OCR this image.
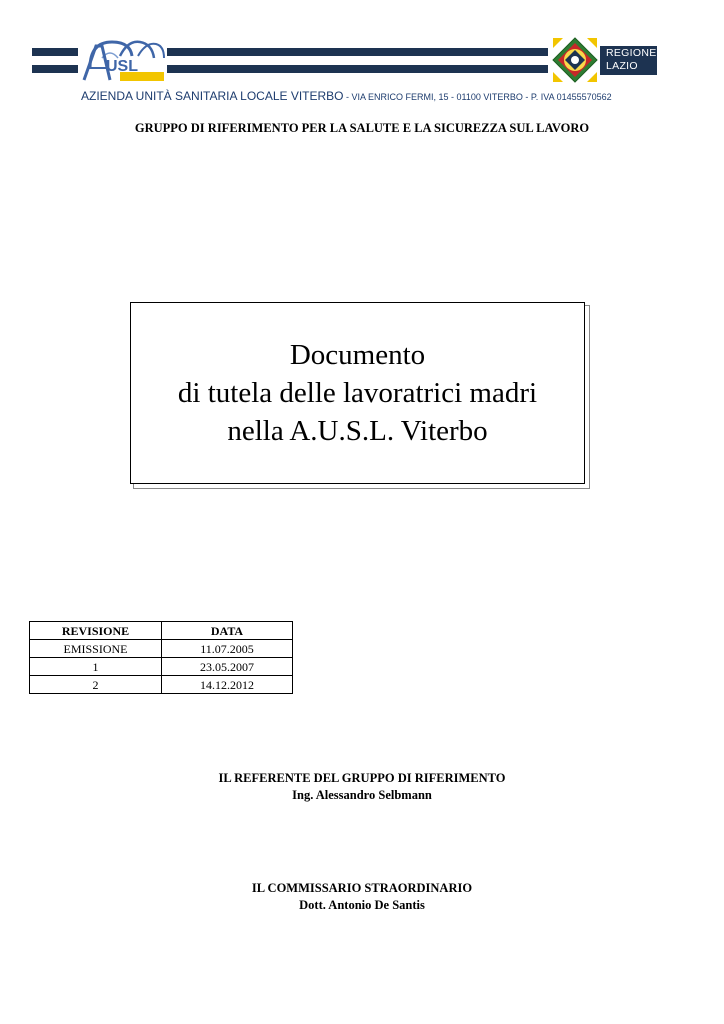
REGIONE
LAZIO
USL
AZIENDA UNITÀ SANITARIA LOCALE VITERBO - VIA ENRICO FERMI, 15 - 01100 VITERBO - P. IVA 01455570562
GRUPPO DI RIFERIMENTO PER LA SALUTE E LA SICUREZZA SUL LAVORO
Documento
di tutela delle lavoratrici madri
nella A.U.S.L. Viterbo
REVISIONE	DATA
EMISSIONE	11.07.2005
1	23.05.2007
2	14.12.2012
IL REFERENTE DEL GRUPPO DI RIFERIMENTO
Ing. Alessandro Selbmann
IL COMMISSARIO STRAORDINARIO
Dott. Antonio De Santis
